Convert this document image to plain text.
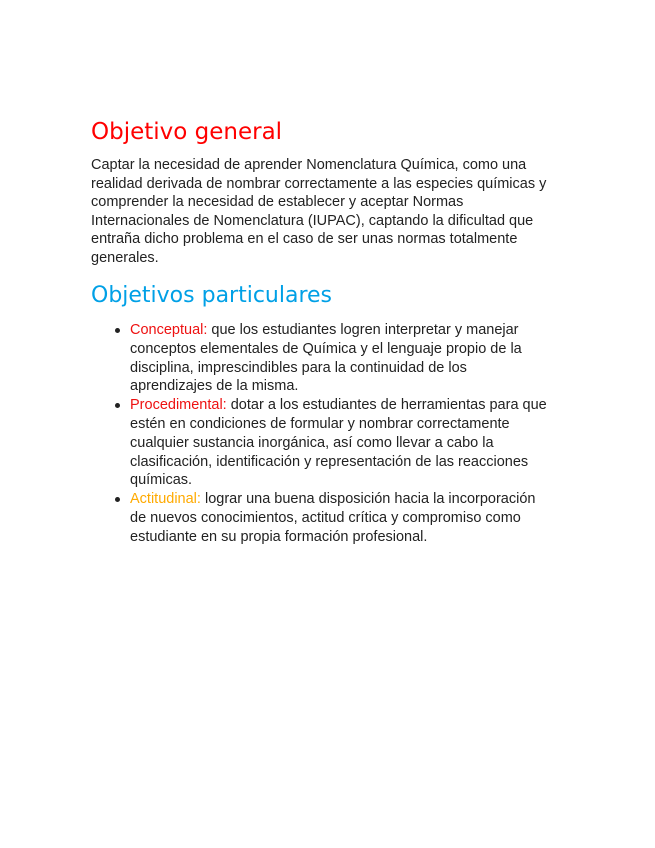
Objetivo general

Captar la necesidad de aprender Nomenclatura Química, como una
realidad derivada de nombrar correctamente a las especies químicas y
comprender la necesidad de establecer y aceptar Normas
Internacionales de Nomenclatura (IUPAC), captando la dificultad que
entraña dicho problema en el caso de ser unas normas totalmente
generales.

Objetivos particulares
Conceptual: que los estudiantes logren interpretar y manejar
conceptos elementales de Química y el lenguaje propio de la
disciplina, imprescindibles para la continuidad de los
aprendizajes de la misma.
Procedimental: dotar a los estudiantes de herramientas para que
estén en condiciones de formular y nombrar correctamente
cualquier sustancia inorgánica, así como llevar a cabo la
clasificación, identificación y representación de las reacciones
químicas.
Actitudinal: lograr una buena disposición hacia la incorporación
de nuevos conocimientos, actitud crítica y compromiso como
estudiante en su propia formación profesional.
